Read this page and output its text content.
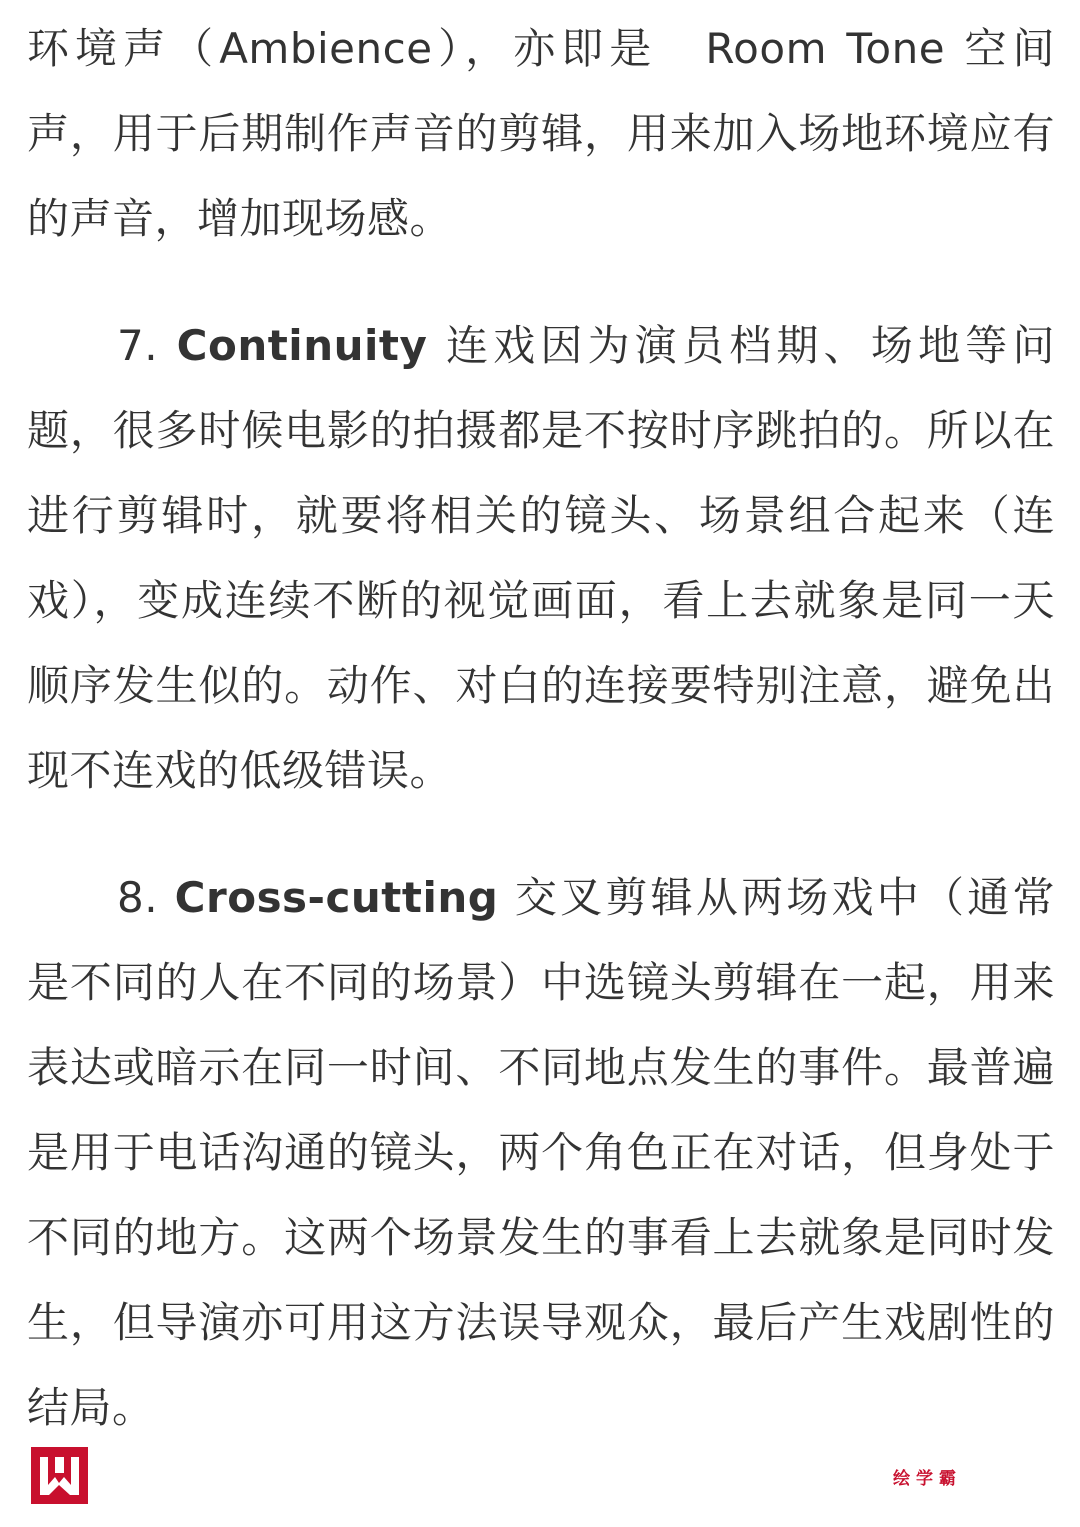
环境声（Ambience），亦即是　Room Tone 空间声，用于后期制作声音的剪辑，用来加入场地环境应有的声音，增加现场感。

7. Continuity 连戏因为演员档期、场地等问题，很多时候电影的拍摄都是不按时序跳拍的。所以在进行剪辑时，就要将相关的镜头、场景组合起来（连戏），变成连续不断的视觉画面，看上去就象是同一天顺序发生似的。动作、对白的连接要特别注意，避免出现不连戏的低级错误。

8. Cross-cutting 交叉剪辑从两场戏中（通常是不同的人在不同的场景）中选镜头剪辑在一起，用来表达或暗示在同一时间、不同地点发生的事件。最普遍是用于电话沟通的镜头，两个角色正在对话，但身处于不同的地方。这两个场景发生的事看上去就象是同时发生，但导演亦可用这方法误导观众，最后产生戏剧性的结局。

绘学霸
